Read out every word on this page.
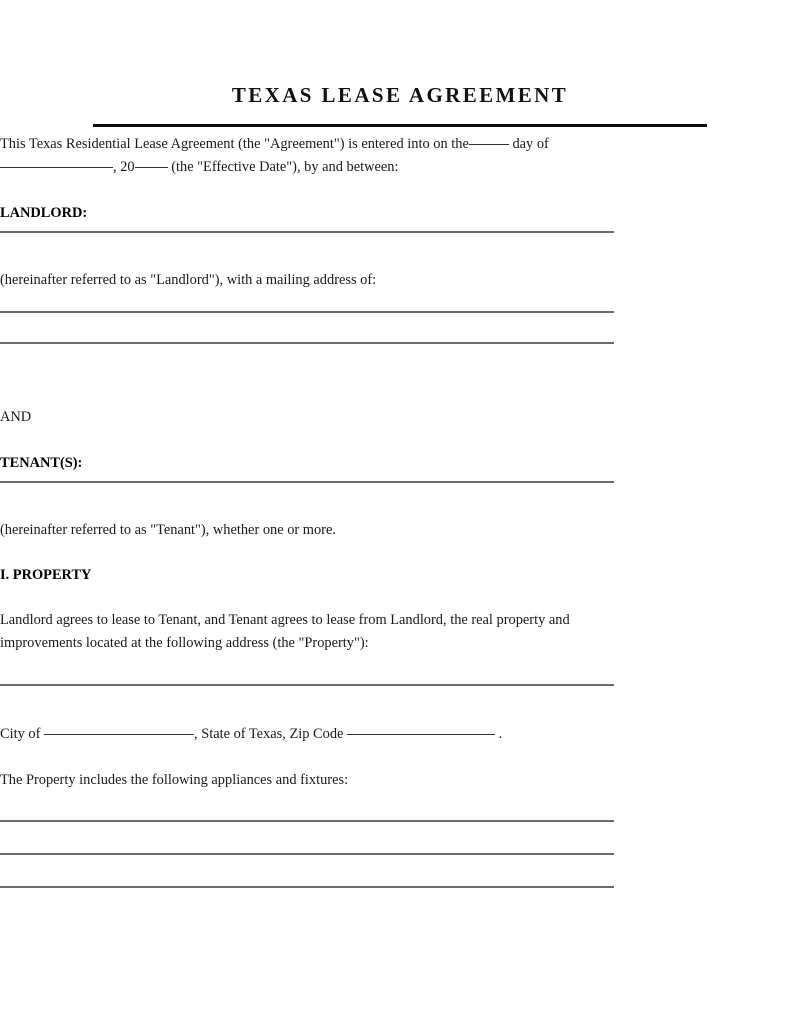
TEXAS LEASE AGREEMENT
This Texas Residential Lease Agreement (the "Agreement") is entered into on the	day of
, 20	(the "Effective Date"), by and between:
LANDLORD:
(hereinafter referred to as "Landlord"), with a mailing address of:
AND
TENANT(S):
(hereinafter referred to as "Tenant"), whether one or more.
I. PROPERTY
Landlord agrees to lease to Tenant, and Tenant agrees to lease from Landlord, the real property and
improvements located at the following address (the "Property"):
City of	, State of Texas, Zip Code	.
The Property includes the following appliances and fixtures:
